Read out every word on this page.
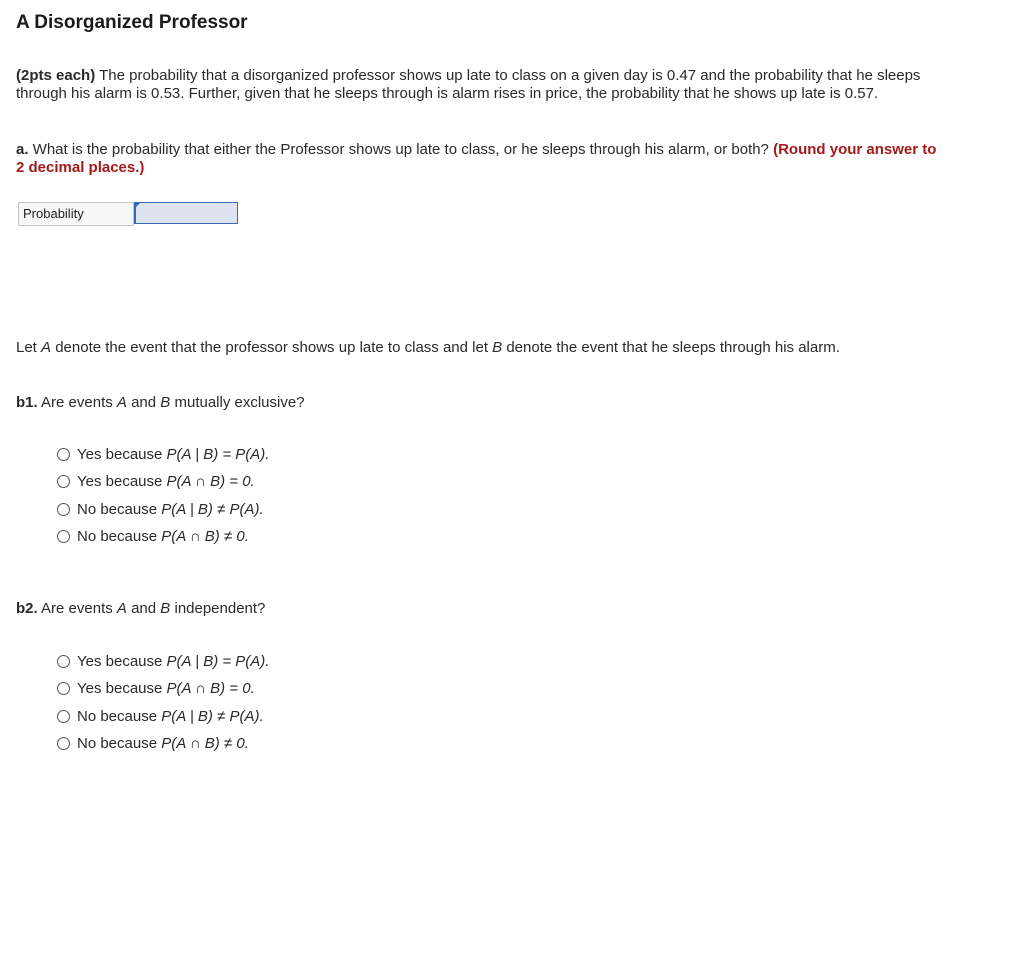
A Disorganized Professor
(2pts each) The probability that a disorganized professor shows up late to class on a given day is 0.47 and the probability that he sleeps through his alarm is 0.53. Further, given that he sleeps through is alarm rises in price, the probability that he shows up late is 0.57.
a. What is the probability that either the Professor shows up late to class, or he sleeps through his alarm, or both? (Round your answer to 2 decimal places.)
Probability
Let A denote the event that the professor shows up late to class and let B denote the event that he sleeps through his alarm.
b1. Are events A and B mutually exclusive?
Yes because
P(A | B) = P(A).
Yes because
P(A ∩ B) = 0.
No because
P(A | B) ≠ P(A).
No because
P(A ∩ B) ≠ 0.
b2. Are events A and B independent?
Yes because
P(A | B) = P(A).
Yes because
P(A ∩ B) = 0.
No because
P(A | B) ≠ P(A).
No because
P(A ∩ B) ≠ 0.
